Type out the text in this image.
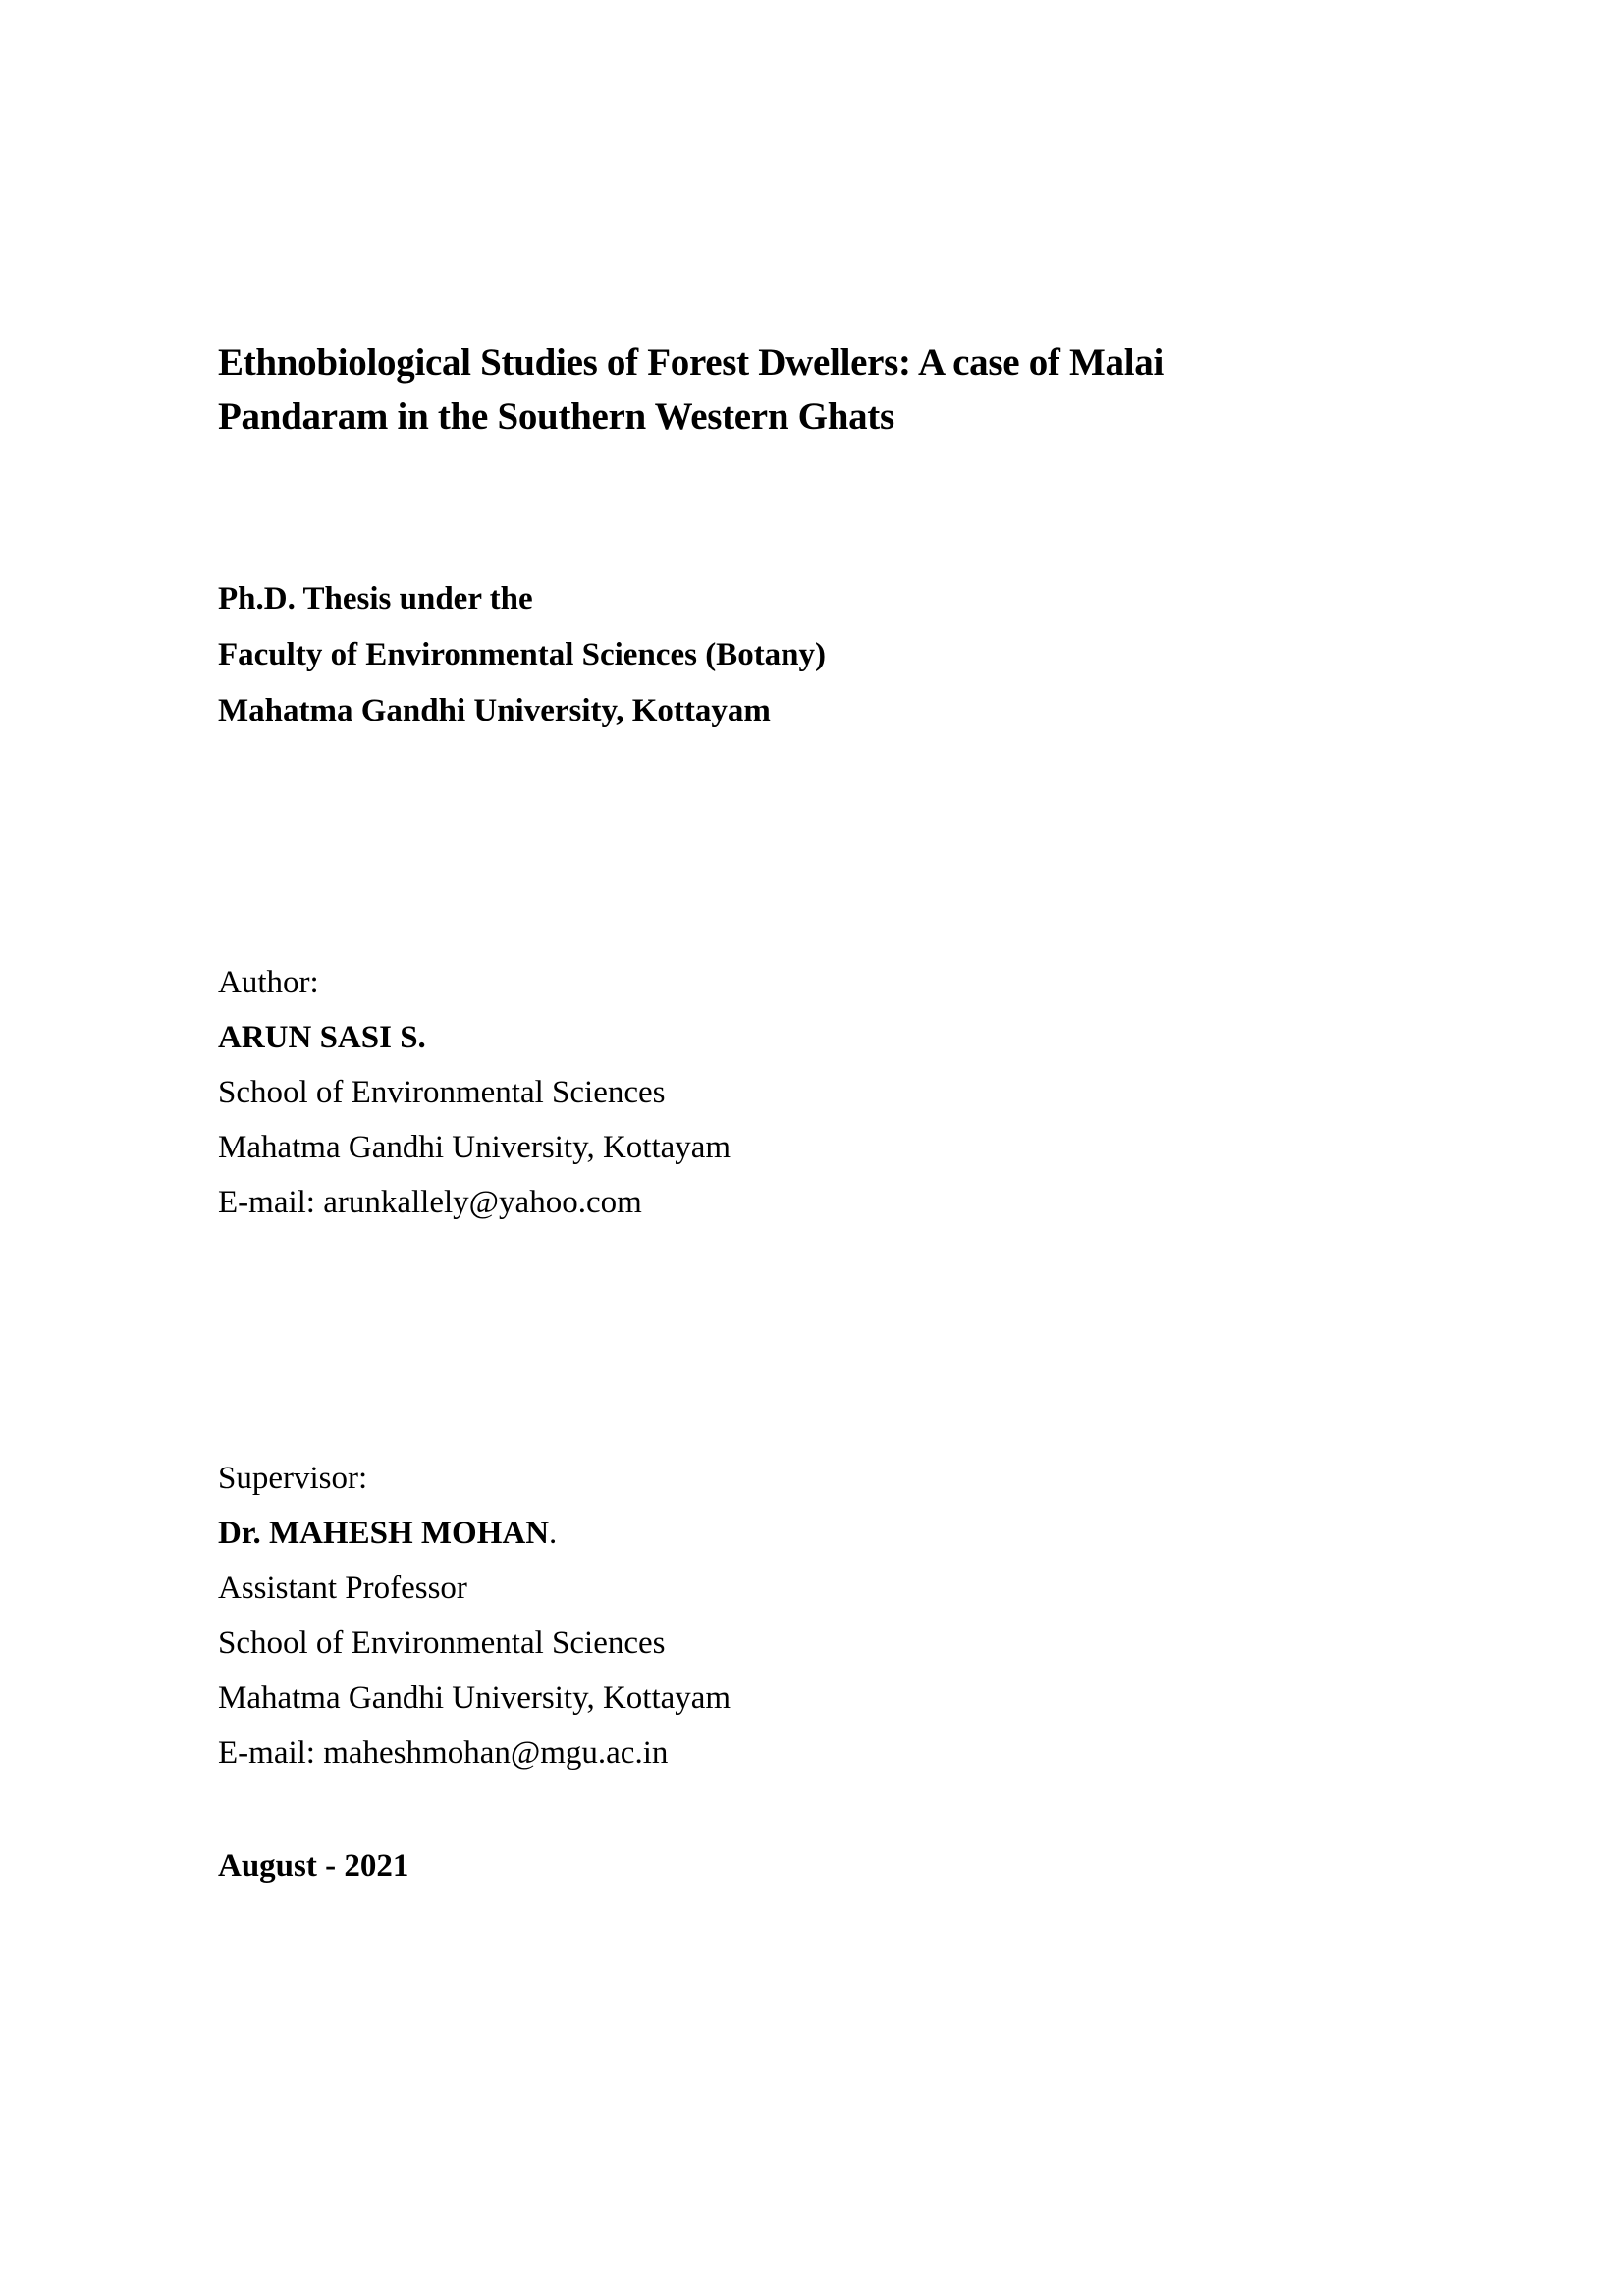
Ethnobiological Studies of Forest Dwellers: A case of Malai
Pandaram in the Southern Western Ghats
Ph.D. Thesis under the
Faculty of Environmental Sciences (Botany)
Mahatma Gandhi University, Kottayam
Author:
ARUN SASI S.
School of Environmental Sciences
Mahatma Gandhi University, Kottayam
E-mail: arunkallely@yahoo.com
Supervisor:
Dr. MAHESH MOHAN.
Assistant Professor
School of Environmental Sciences
Mahatma Gandhi University, Kottayam
E-mail: maheshmohan@mgu.ac.in
August - 2021
